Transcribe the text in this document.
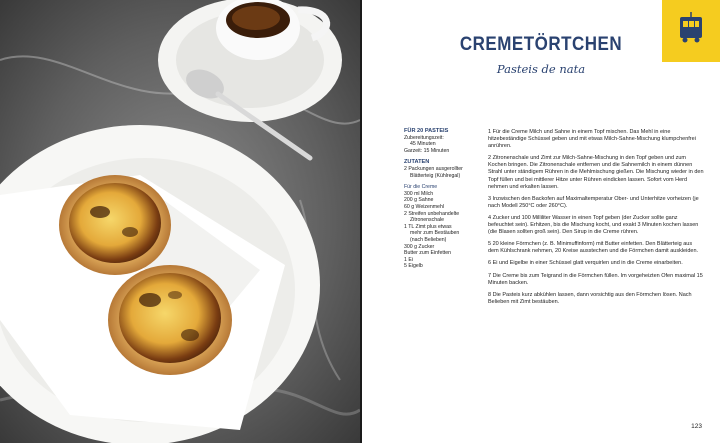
CREMETÖRTCHEN
Pasteis de nata
FÜR 20 PASTEIS
Zubereitungszeit:
45 Minuten
Garzeit: 15 Minuten
ZUTATEN
2 Packungen ausgerollter
Blätterteig (Kühlregal)
Für die Creme
300 ml Milch
200 g Sahne
60 g Weizenmehl
2 Streifen unbehandelte
Zitronenschale
1 TL Zimt plus etwas
mehr zum Bestäuben
(nach Belieben)
300 g Zucker
Butter zum Einfetten
1 Ei
5 Eigelb

1 Für die Creme Milch und Sahne in einem Topf mischen. Das Mehl in eine hitzebeständige Schüssel geben und mit etwas Milch-Sahne-Mischung klumpchenfrei anrühren.

2 Zitronenschale und Zimt zur Milch-Sahne-Mischung in den Topf geben und zum Kochen bringen. Die Zitronenschale entfernen und die Sahnemilch in einem dünnen Strahl unter ständigem Rühren in die Mehlmischung gießen. Die Mischung wieder in den Topf füllen und bei mittlerer Hitze unter Rühren eindicken lassen. Sofort vom Herd nehmen und erkalten lassen.

3 Inzwischen den Backofen auf Maximaltemperatur Ober- und Unterhitze vorheizen (je nach Modell 250°C oder 260°C).

4 Zucker und 100 Milliliter Wasser in einen Topf geben (der Zucker sollte ganz befeuchtet sein). Erhitzen, bis die Mischung kocht, und exakt 3 Minuten kochen lassen (die Blasen sollten groß sein). Den Sirup in die Creme rühren.

5 20 kleine Förmchen (z. B. Minimuffinform) mit Butter einfetten. Den Blätterteig aus dem Kühlschrank nehmen, 20 Kreise ausstechen und die Förmchen damit auskleiden.

6 Ei und Eigelbe in einer Schüssel glatt verquirlen und in die Creme einarbeiten.

7 Die Creme bis zum Teigrand in die Förmchen füllen. Im vorgeheizten Ofen maximal 15 Minuten backen.

8 Die Pasteis kurz abkühlen lassen, dann vorsichtig aus den Förmchen lösen. Nach Belieben mit Zimt bestäuben.

123
